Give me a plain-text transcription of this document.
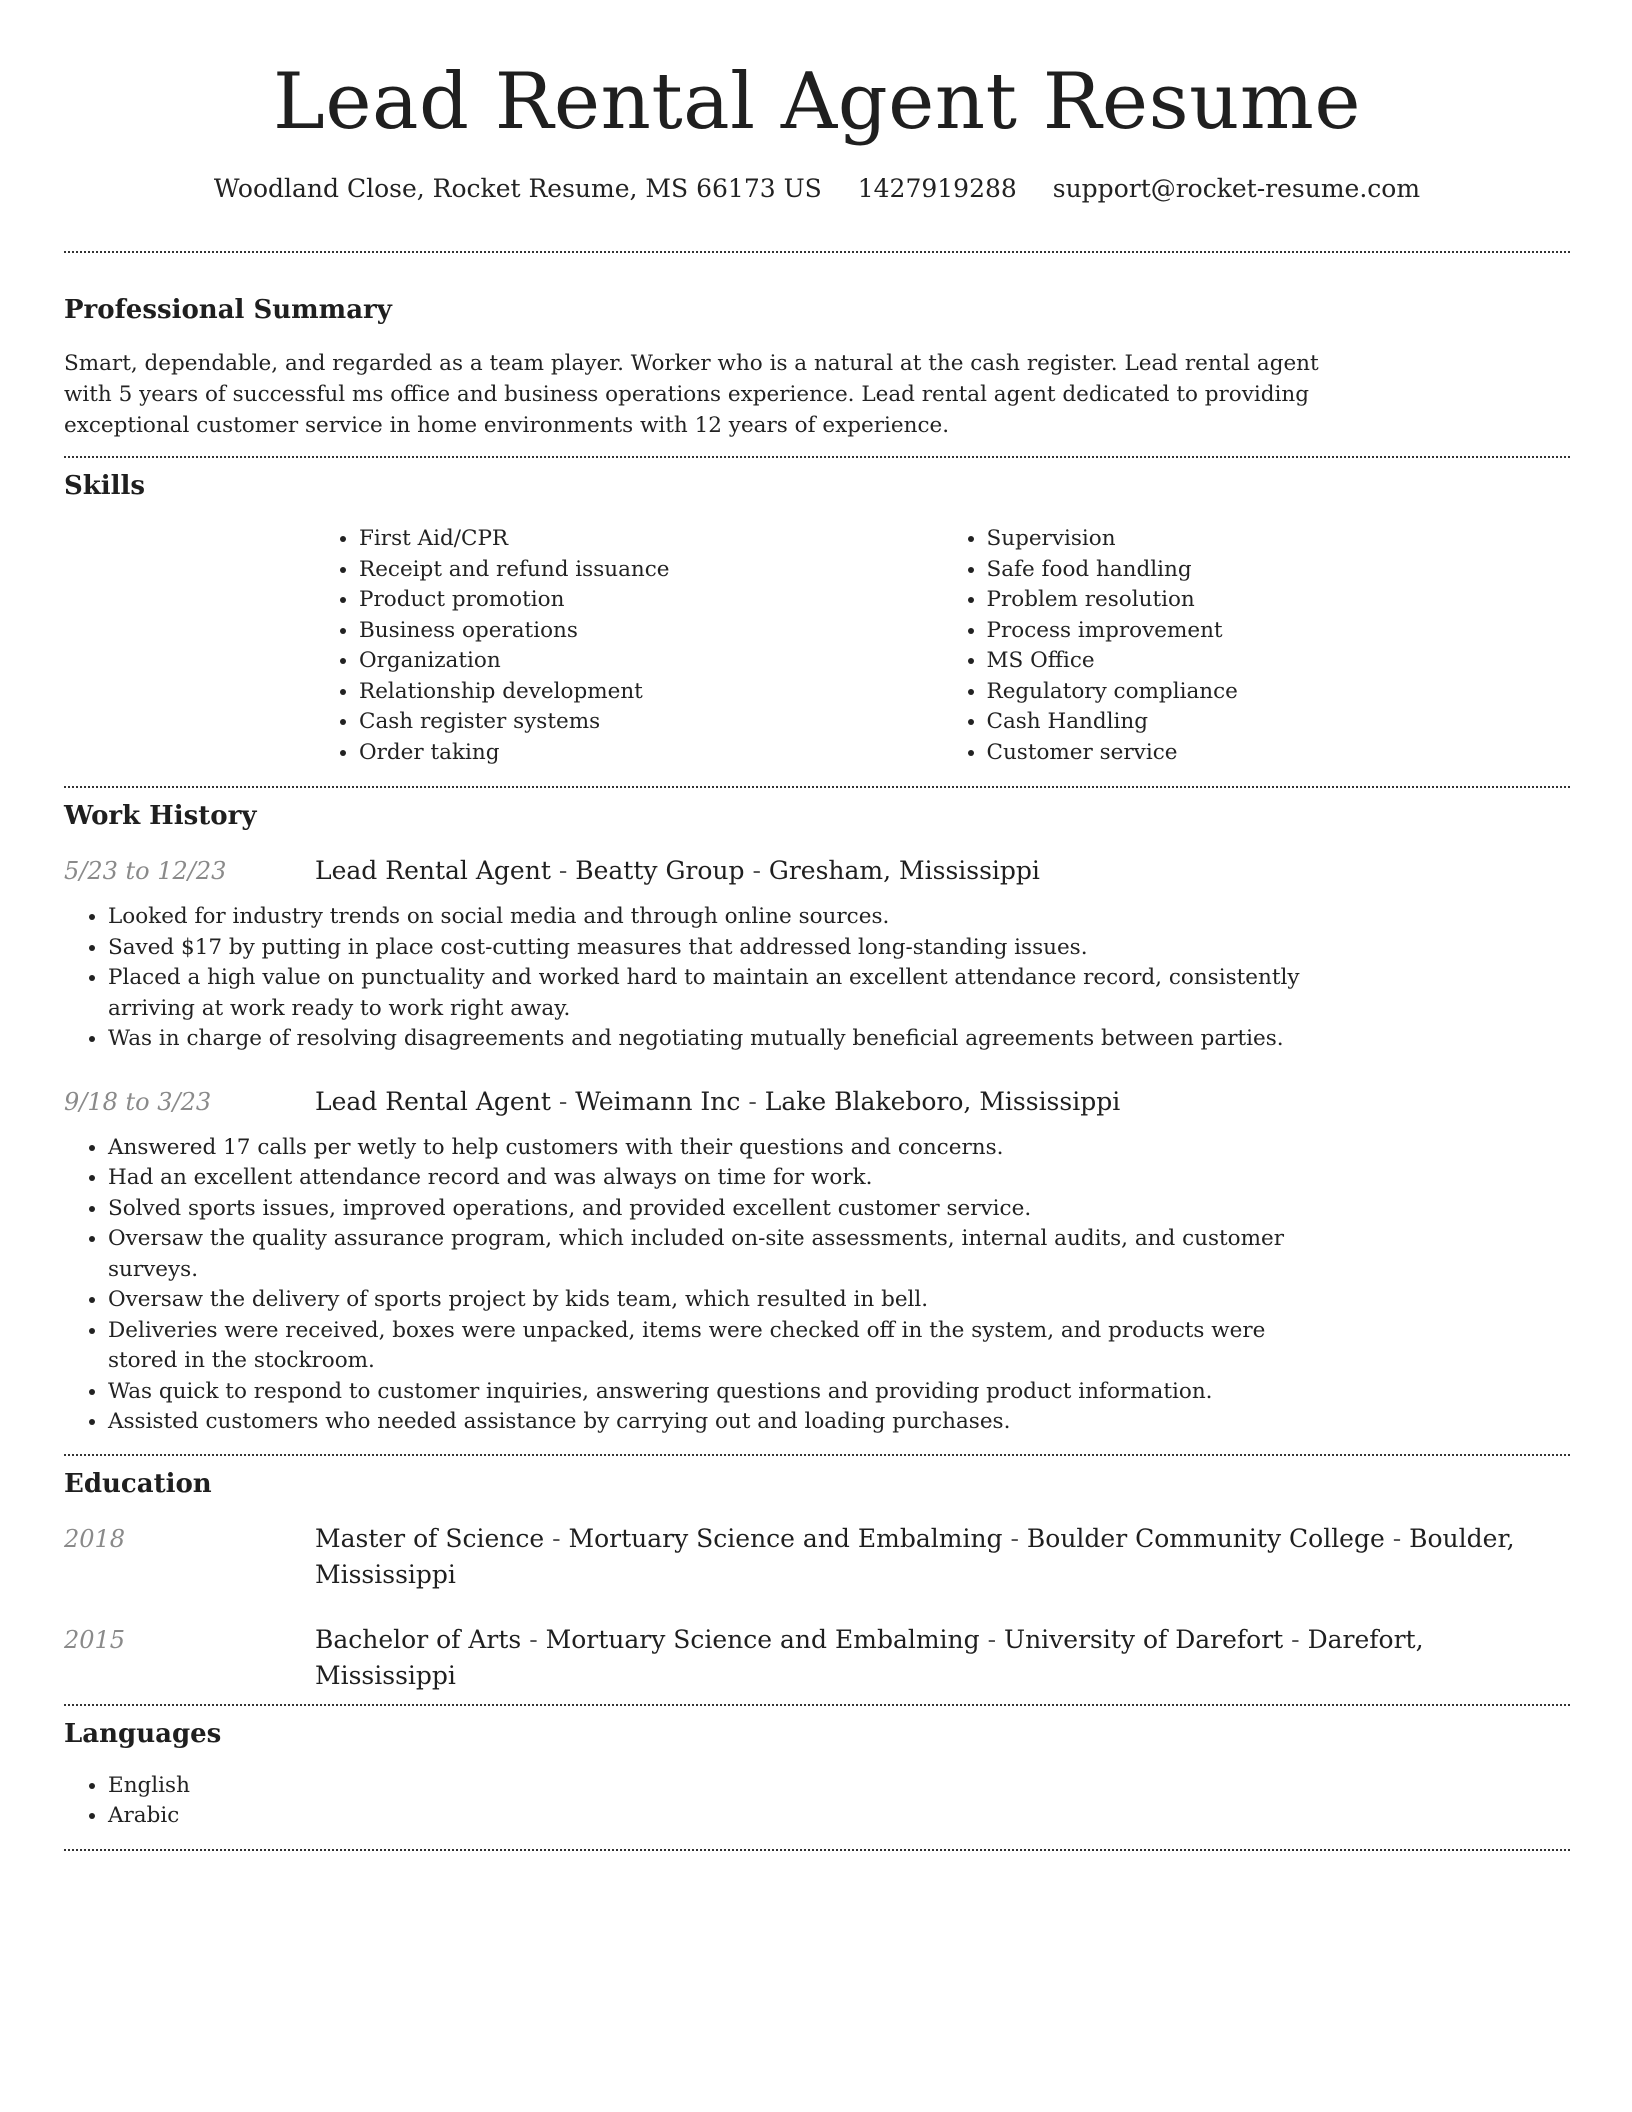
Lead Rental Agent Resume
Woodland Close, Rocket Resume, MS 66173 US 1427919288 support@rocket-resume.com
Professional Summary

Smart, dependable, and regarded as a team player. Worker who is a natural at the cash register. Lead rental agent with 5 years of successful ms office and business operations experience. Lead rental agent dedicated to providing exceptional customer service in home environments with 12 years of experience.

Skills
• First Aid/CPR
• Receipt and refund issuance
• Product promotion
• Business operations
• Organization
• Relationship development
• Cash register systems
• Order taking
• Supervision
• Safe food handling
• Problem resolution
• Process improvement
• MS Office
• Regulatory compliance
• Cash Handling
• Customer service
Work History
5/23 to 12/23	Lead Rental Agent - Beatty Group - Gresham, Mississippi
• Looked for industry trends on social media and through online sources.
• Saved $17 by putting in place cost-cutting measures that addressed long-standing issues.
• Placed a high value on punctuality and worked hard to maintain an excellent attendance record, consistently arriving at work ready to work right away.
• Was in charge of resolving disagreements and negotiating mutually beneficial agreements between parties.
9/18 to 3/23	Lead Rental Agent - Weimann Inc - Lake Blakeboro, Mississippi
• Answered 17 calls per wetly to help customers with their questions and concerns.
• Had an excellent attendance record and was always on time for work.
• Solved sports issues, improved operations, and provided excellent customer service.
• Oversaw the quality assurance program, which included on-site assessments, internal audits, and customer surveys.
• Oversaw the delivery of sports project by kids team, which resulted in bell.
• Deliveries were received, boxes were unpacked, items were checked off in the system, and products were stored in the stockroom.
• Was quick to respond to customer inquiries, answering questions and providing product information.
• Assisted customers who needed assistance by carrying out and loading purchases.
Education
2018	Master of Science - Mortuary Science and Embalming - Boulder Community College - Boulder, Mississippi
2015	Bachelor of Arts - Mortuary Science and Embalming - University of Darefort - Darefort, Mississippi
Languages
• English
• Arabic
